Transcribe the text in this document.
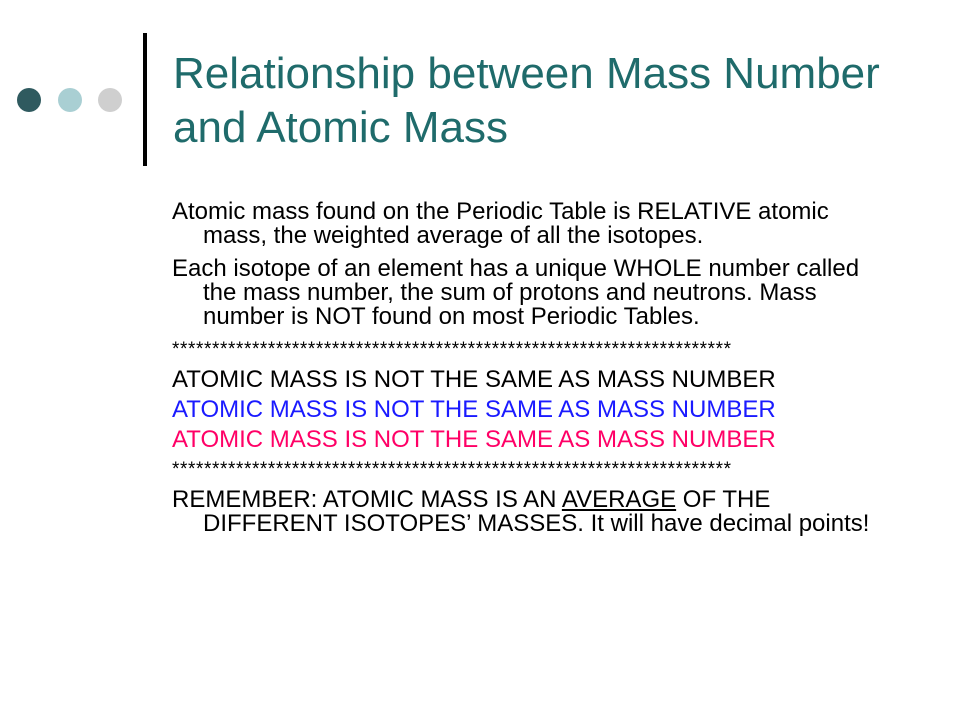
Relationship between Mass Number and Atomic Mass

Atomic mass found on the Periodic Table is RELATIVE atomic mass, the weighted average of all the isotopes.

Each isotope of an element has a unique WHOLE number called the mass number, the sum of protons and neutrons. Mass number is NOT found on most Periodic Tables.

**********************************************************************
ATOMIC MASS IS NOT THE SAME AS MASS NUMBER
ATOMIC MASS IS NOT THE SAME AS MASS NUMBER
ATOMIC MASS IS NOT THE SAME AS MASS NUMBER
**********************************************************************

REMEMBER: ATOMIC MASS IS AN AVERAGE OF THE DIFFERENT ISOTOPES’ MASSES. It will have decimal points!
